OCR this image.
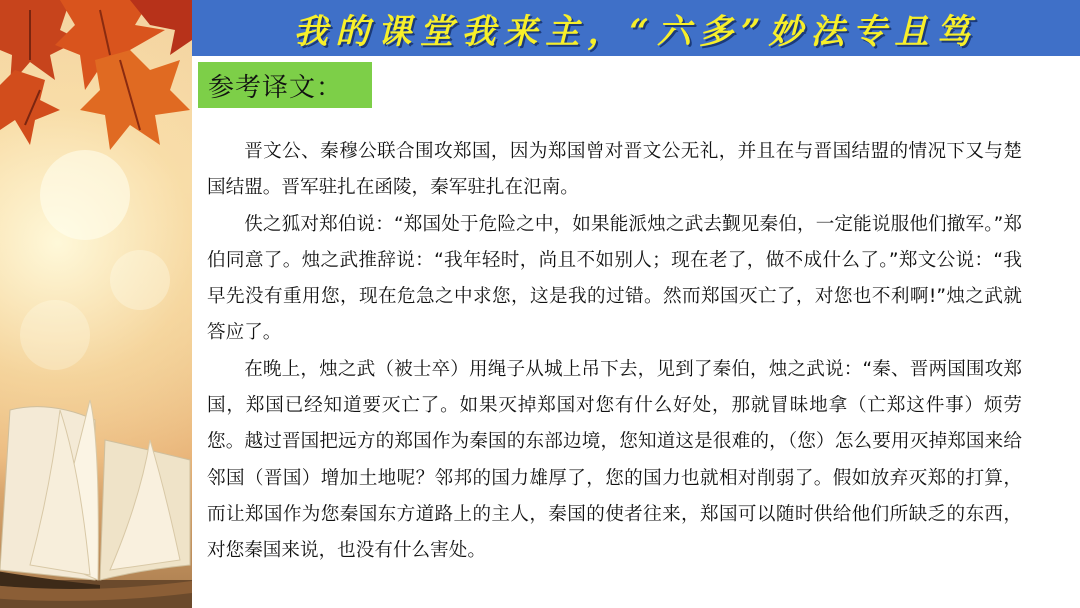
我的课堂我来主，“六多”妙法专且笃
参考译文：

晋文公、秦穆公联合围攻郑国，因为郑国曾对晋文公无礼，并且在与晋国结盟的情况下又与楚国结盟。晋军驻扎在函陵，秦军驻扎在氾南。

佚之狐对郑伯说：“郑国处于危险之中，如果能派烛之武去觐见秦伯，一定能说服他们撤军。”郑伯同意了。烛之武推辞说：“我年轻时，尚且不如别人；现在老了，做不成什么了。”郑文公说：“我早先没有重用您，现在危急之中求您，这是我的过错。然而郑国灭亡了，对您也不利啊!”烛之武就答应了。

在晚上，烛之武（被士卒）用绳子从城上吊下去，见到了秦伯，烛之武说：“秦、晋两国围攻郑国，郑国已经知道要灭亡了。如果灭掉郑国对您有什么好处，那就冒昧地拿（亡郑这件事）烦劳您。越过晋国把远方的郑国作为秦国的东部边境，您知道这是很难的，（您）怎么要用灭掉郑国来给邻国（晋国）增加土地呢？邻邦的国力雄厚了，您的国力也就相对削弱了。假如放弃灭郑的打算，而让郑国作为您秦国东方道路上的主人，秦国的使者往来，郑国可以随时供给他们所缺乏的东西，对您秦国来说，也没有什么害处。
